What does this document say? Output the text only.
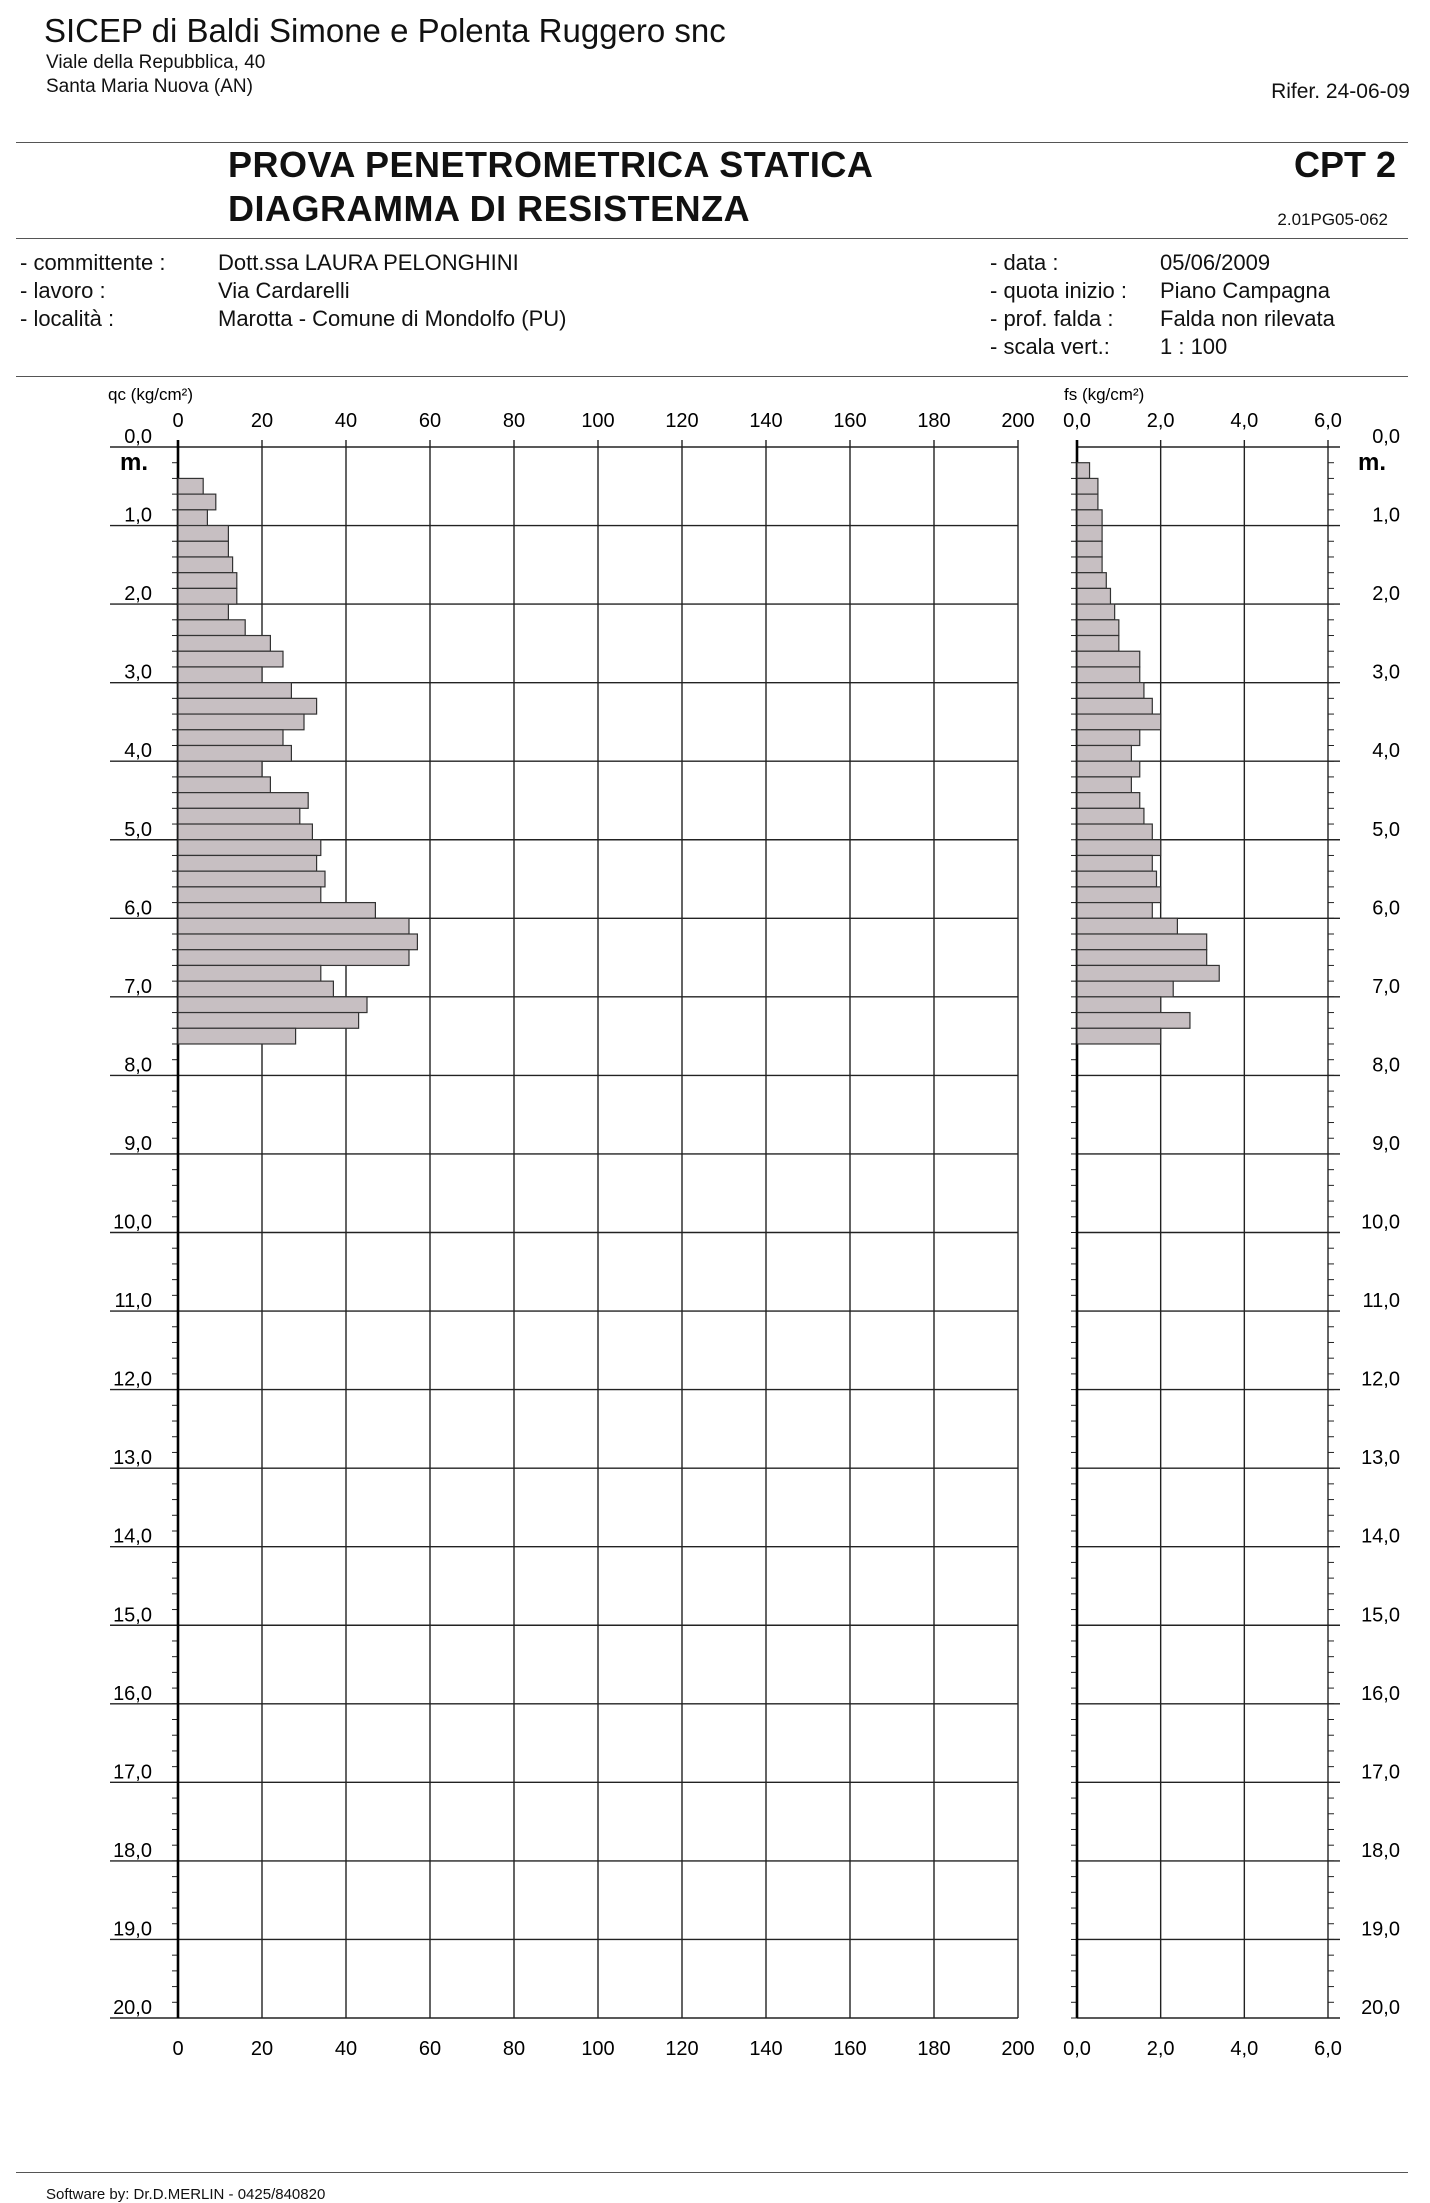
SICEP di Baldi Simone e Polenta Ruggero snc
Viale della Repubblica, 40
Santa Maria Nuova (AN)	Rifer. 24-06-09
PROVA PENETROMETRICA STATICA
DIAGRAMMA DI RESISTENZA
CPT 2
2.01PG05-062
- committente : Dott.ssa LAURA PELONGHINI
- lavoro :	Via Cardarelli
- località :	Marotta - Comune di Mondolfo (PU)
- data :	05/06/2009
- quota inizio : Piano Campagna
- prof. falda : Falda non rilevata
- scala vert.: 1 : 100
0
0
20
20
40
40
60
60
80
80
100
100
120
120
140
140
160
160
180
180
200
200
0,0
1,0
2,0
3,0
4,0
5,0
6,0
7,0
8,0
9,0
10,0
11,0
12,0
13,0
14,0
15,0
16,0
17,0
18,0
19,0
20,0
qc (kg/cm²)
m.
0,0
0,0
2,0
2,0
4,0
4,0
6,0
6,0
0,0
1,0
2,0
3,0
4,0
5,0
6,0
7,0
8,0
9,0
10,0
11,0
12,0
13,0
14,0
15,0
16,0
17,0
18,0
19,0
20,0
fs (kg/cm²)
m.
Software by: Dr.D.MERLIN - 0425/840820
